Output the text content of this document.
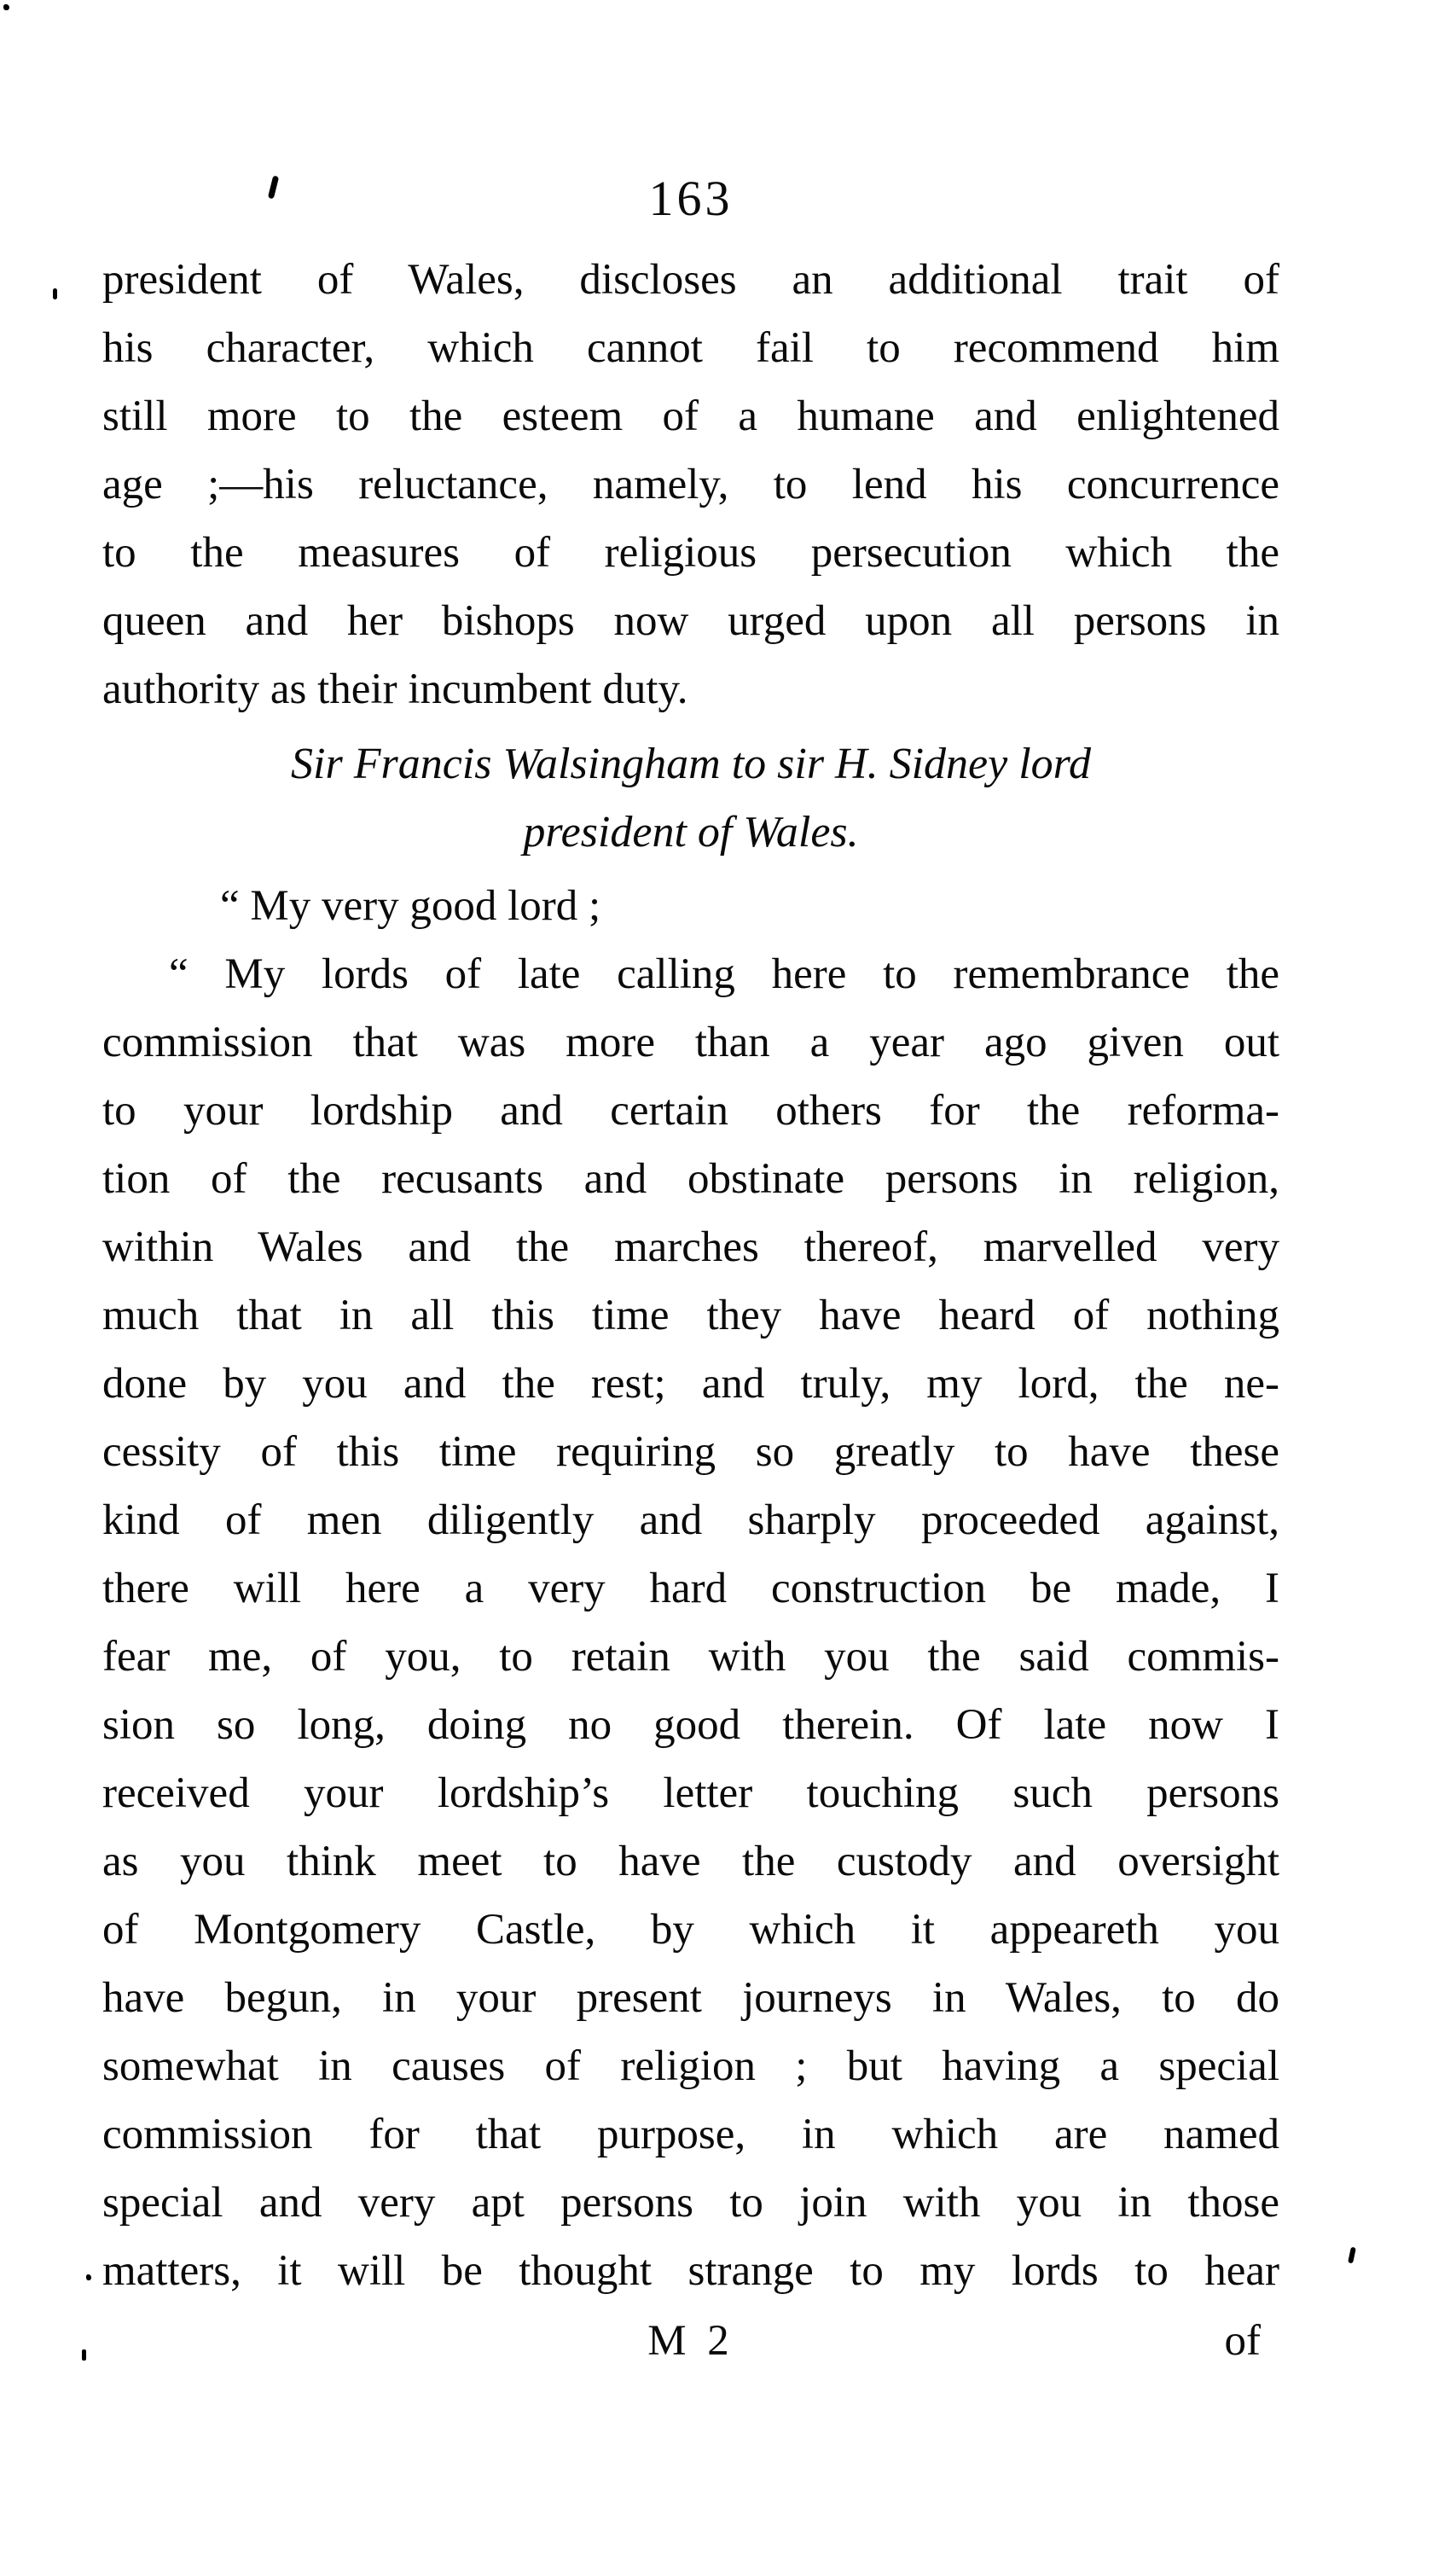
163
president of Wales, discloses an additional trait of
his character, which cannot fail to recommend him
still more to the esteem of a humane and enlightened
age ;—his reluctance, namely, to lend his concurrence
to the measures of religious persecution which the
queen and her bishops now urged upon all persons in
authority as their incumbent duty.
Sir Francis Walsingham to sir H. Sidney lord
president of Wales.
“ My very good lord ;
“ My lords of late calling here to remembrance the
commission that was more than a year ago given out
to your lordship and certain others for the reforma-
tion of the recusants and obstinate persons in religion,
within Wales and the marches thereof, marvelled very
much that in all this time they have heard of nothing
done by you and the rest; and truly, my lord, the ne-
cessity of this time requiring so greatly to have these
kind of men diligently and sharply proceeded against,
there will here a very hard construction be made, I
fear me, of you, to retain with you the said commis-
sion so long, doing no good therein. Of late now I
received your lordship’s letter touching such persons
as you think meet to have the custody and oversight
of Montgomery Castle, by which it appeareth you
have begun, in your present journeys in Wales, to do
somewhat in causes of religion ; but having a special
commission for that purpose, in which are named
special and very apt persons to join with you in those
matters, it will be thought strange to my lords to hear
M 2	of
